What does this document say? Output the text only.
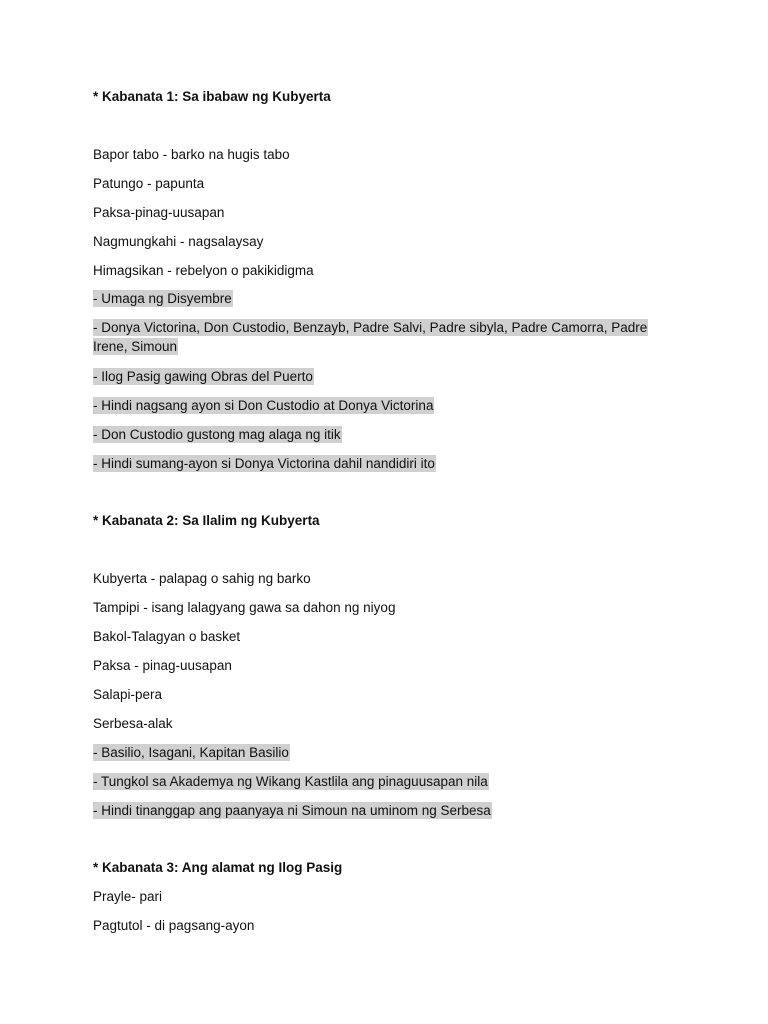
* Kabanata 1: Sa ibabaw ng Kubyerta
Bapor tabo - barko na hugis tabo
Patungo - papunta
Paksa-pinag-uusapan
Nagmungkahi - nagsalaysay
Himagsikan - rebelyon o pakikidigma
- Umaga ng Disyembre
- Donya Victorina, Don Custodio, Benzayb, Padre Salvi, Padre sibyla, Padre Camorra, Padre Irene, Simoun
- Ilog Pasig gawing Obras del Puerto
- Hindi nagsang ayon si Don Custodio at Donya Victorina
- Don Custodio gustong mag alaga ng itik
- Hindi sumang-ayon si Donya Victorina dahil nandidiri ito
* Kabanata 2: Sa Ilalim ng Kubyerta
Kubyerta - palapag o sahig ng barko
Tampipi - isang lalagyang gawa sa dahon ng niyog
Bakol-Talagyan o basket
Paksa - pinag-uusapan
Salapi-pera
Serbesa-alak
- Basilio, Isagani, Kapitan Basilio
- Tungkol sa Akademya ng Wikang Kastlila ang pinaguusapan nila
- Hindi tinanggap ang paanyaya ni Simoun na uminom ng Serbesa
* Kabanata 3: Ang alamat ng Ilog Pasig
Prayle- pari
Pagtutol - di pagsang-ayon
